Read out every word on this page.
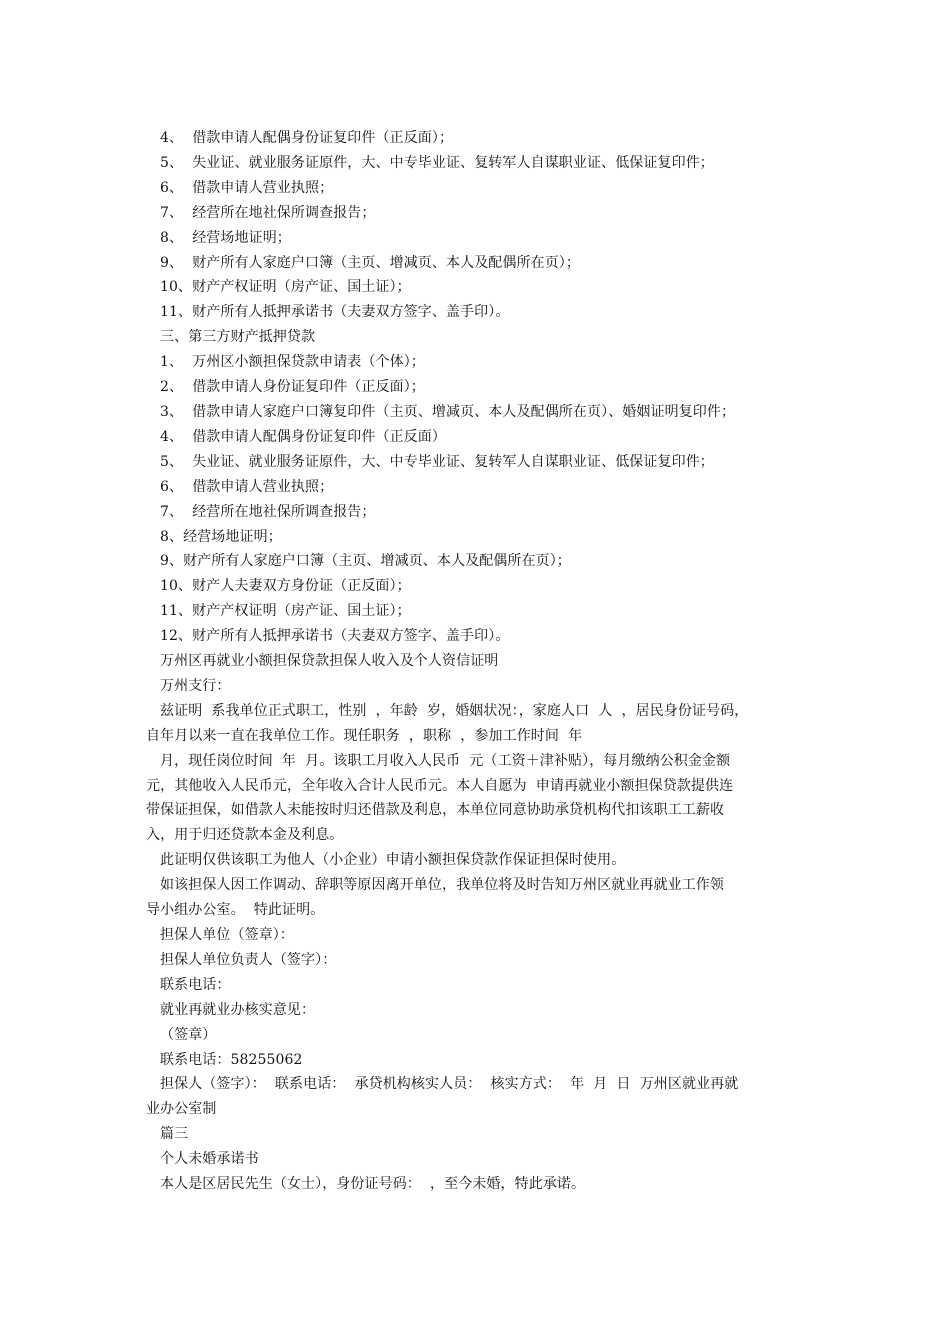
4、  借款申请人配偶身份证复印件（正反面）；
5、  失业证、就业服务证原件，大、中专毕业证、复转军人自谋职业证、低保证复印件；
6、  借款申请人营业执照；
7、  经营所在地社保所调查报告；
8、  经营场地证明；
9、  财产所有人家庭户口簿（主页、增减页、本人及配偶所在页）；
10、财产产权证明（房产证、国土证）；
11、财产所有人抵押承诺书（夫妻双方签字、盖手印）。
三、第三方财产抵押贷款
1、  万州区小额担保贷款申请表（个体）；
2、  借款申请人身份证复印件（正反面）；
3、  借款申请人家庭户口簿复印件（主页、增减页、本人及配偶所在页）、婚姻证明复印件；
4、  借款申请人配偶身份证复印件（正反面）
5、  失业证、就业服务证原件，大、中专毕业证、复转军人自谋职业证、低保证复印件；
6、  借款申请人营业执照；
7、  经营所在地社保所调查报告；
8、经营场地证明；
9、财产所有人家庭户口簿（主页、增减页、本人及配偶所在页）；
10、财产人夫妻双方身份证（正反面）；
11、财产产权证明（房产证、国土证）；
12、财产所有人抵押承诺书（夫妻双方签字、盖手印）。
万州区再就业小额担保贷款担保人收入及个人资信证明
万州支行：
兹证明  系我单位正式职工，性别  ，年龄  岁，婚姻状况：，家庭人口  人  ，居民身份证号码，
自年月以来一直在我单位工作。现任职务  ，职称  ，参加工作时间  年
月，现任岗位时间  年  月。该职工月收入人民币  元（工资＋津补贴），每月缴纳公积金金额
元，其他收入人民币元，全年收入合计人民币元。本人自愿为  申请再就业小额担保贷款提供连
带保证担保，如借款人未能按时归还借款及利息，本单位同意协助承贷机构代扣该职工工薪收
入，用于归还贷款本金及利息。
此证明仅供该职工为他人（小企业）申请小额担保贷款作保证担保时使用。
如该担保人因工作调动、辞职等原因离开单位，我单位将及时告知万州区就业再就业工作领
导小组办公室。  特此证明。
担保人单位（签章）：
担保人单位负责人（签字）：
联系电话：
就业再就业办核实意见：
（签章）
联系电话：58255062
担保人（签字）：  联系电话：  承贷机构核实人员：  核实方式：  年  月  日  万州区就业再就
业办公室制
篇三
个人未婚承诺书
本人是区居民先生（女士），身份证号码：  ，至今未婚，特此承诺。
